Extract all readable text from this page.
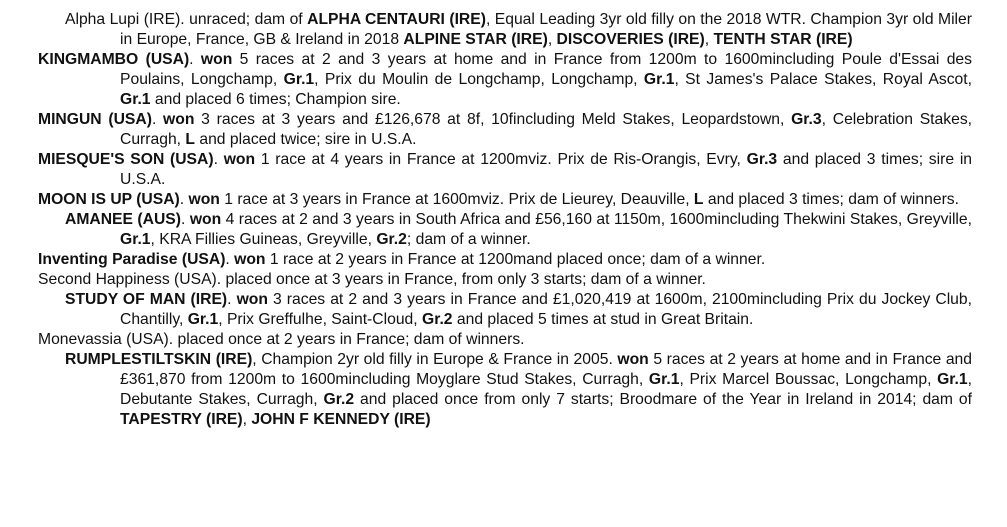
Alpha Lupi (IRE). unraced; dam of ALPHA CENTAURI (IRE), Equal Leading 3yr old filly on the 2018 WTR. Champion 3yr old Miler in Europe, France, GB & Ireland in 2018 ALPINE STAR (IRE), DISCOVERIES (IRE), TENTH STAR (IRE)

KINGMAMBO (USA). won 5 races at 2 and 3 years at home and in France from 1200m to 1600mincluding Poule d'Essai des Poulains, Longchamp, Gr.1, Prix du Moulin de Longchamp, Longchamp, Gr.1, St James's Palace Stakes, Royal Ascot, Gr.1 and placed 6 times; Champion sire.

MINGUN (USA). won 3 races at 3 years and £126,678 at 8f, 10fincluding Meld Stakes, Leopardstown, Gr.3, Celebration Stakes, Curragh, L and placed twice; sire in U.S.A.

MIESQUE'S SON (USA). won 1 race at 4 years in France at 1200mviz. Prix de Ris-Orangis, Evry, Gr.3 and placed 3 times; sire in U.S.A.

MOON IS UP (USA). won 1 race at 3 years in France at 1600mviz. Prix de Lieurey, Deauville, L and placed 3 times; dam of winners.

AMANEE (AUS). won 4 races at 2 and 3 years in South Africa and £56,160 at 1150m, 1600mincluding Thekwini Stakes, Greyville, Gr.1, KRA Fillies Guineas, Greyville, Gr.2; dam of a winner.

Inventing Paradise (USA). won 1 race at 2 years in France at 1200mand placed once; dam of a winner.

Second Happiness (USA). placed once at 3 years in France, from only 3 starts; dam of a winner.

STUDY OF MAN (IRE). won 3 races at 2 and 3 years in France and £1,020,419 at 1600m, 2100mincluding Prix du Jockey Club, Chantilly, Gr.1, Prix Greffulhe, Saint-Cloud, Gr.2 and placed 5 times at stud in Great Britain.

Monevassia (USA). placed once at 2 years in France; dam of winners.

RUMPLESTILTSKIN (IRE), Champion 2yr old filly in Europe & France in 2005. won 5 races at 2 years at home and in France and £361,870 from 1200m to 1600mincluding Moyglare Stud Stakes, Curragh, Gr.1, Prix Marcel Boussac, Longchamp, Gr.1, Debutante Stakes, Curragh, Gr.2 and placed once from only 7 starts; Broodmare of the Year in Ireland in 2014; dam of TAPESTRY (IRE), JOHN F KENNEDY (IRE)
